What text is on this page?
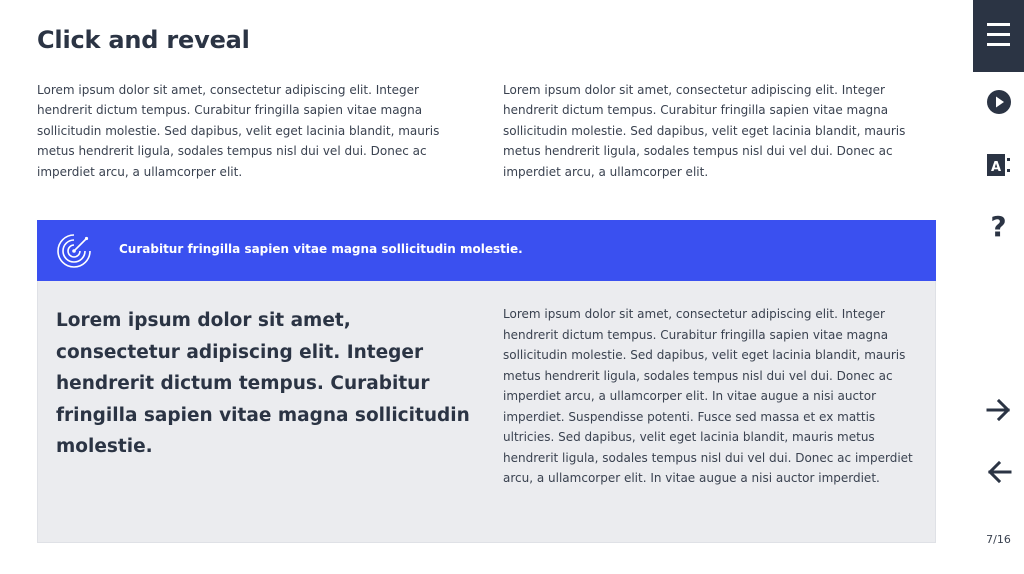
Click and reveal

Lorem ipsum dolor sit amet, consectetur adipiscing elit. Integer hendrerit dictum tempus. Curabitur fringilla sapien vitae magna sollicitudin molestie. Sed dapibus, velit eget lacinia blandit, mauris metus hendrerit ligula, sodales tempus nisl dui vel dui. Donec ac imperdiet arcu, a ullamcorper elit.

Lorem ipsum dolor sit amet, consectetur adipiscing elit. Integer hendrerit dictum tempus. Curabitur fringilla sapien vitae magna sollicitudin molestie. Sed dapibus, velit eget lacinia blandit, mauris metus hendrerit ligula, sodales tempus nisl dui vel dui. Donec ac imperdiet arcu, a ullamcorper elit.

Curabitur fringilla sapien vitae magna sollicitudin molestie.

Lorem ipsum dolor sit amet, consectetur adipiscing elit. Integer hendrerit dictum tempus. Curabitur fringilla sapien vitae magna sollicitudin molestie.

Lorem ipsum dolor sit amet, consectetur adipiscing elit. Integer hendrerit dictum tempus. Curabitur fringilla sapien vitae magna sollicitudin molestie. Sed dapibus, velit eget lacinia blandit, mauris metus hendrerit ligula, sodales tempus nisl dui vel dui. Donec ac imperdiet arcu, a ullamcorper elit. In vitae augue a nisi auctor imperdiet. Suspendisse potenti. Fusce sed massa et ex mattis ultricies. Sed dapibus, velit eget lacinia blandit, mauris metus hendrerit ligula, sodales tempus nisl dui vel dui. Donec ac imperdiet arcu, a ullamcorper elit. In vitae augue a nisi auctor imperdiet.

A
?
7/16
